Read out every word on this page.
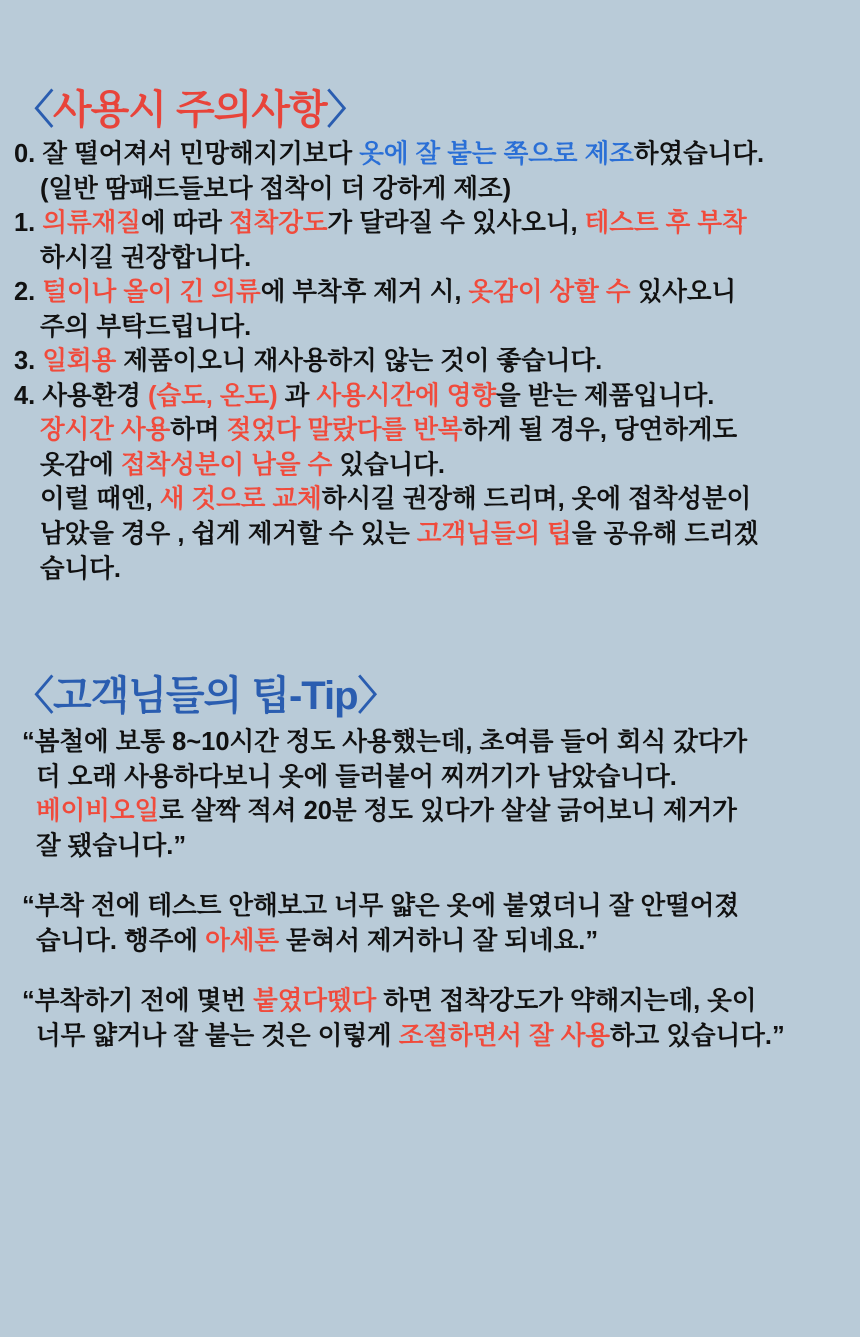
〈사용시 주의사항〉
0. 잘 떨어져서 민망해지기보다 옷에 잘 붙는 쪽으로 제조하였습니다.
(일반 땀패드들보다 접착이 더 강하게 제조)
1. 의류재질에 따라 접착강도가 달라질 수 있사오니, 테스트 후 부착
하시길 권장합니다.
2. 털이나 올이 긴 의류에 부착후 제거 시, 옷감이 상할 수 있사오니
주의 부탁드립니다.
3. 일회용 제품이오니 재사용하지 않는 것이 좋습니다.
4. 사용환경 (습도, 온도) 과 사용시간에 영향을 받는 제품입니다.
장시간 사용하며 젖었다 말랐다를 반복하게 될 경우, 당연하게도
옷감에 접착성분이 남을 수 있습니다.
이럴 때엔, 새 것으로 교체하시길 권장해 드리며, 옷에 접착성분이
남았을 경우 , 쉽게 제거할 수 있는 고객님들의 팁을 공유해 드리겠
습니다.
〈고객님들의 팁-Tip〉
“봄철에 보통 8~10시간 정도 사용했는데, 초여름 들어 회식 갔다가
더 오래 사용하다보니 옷에 들러붙어 찌꺼기가 남았습니다.
베이비오일로 살짝 적셔 20분 정도 있다가 살살 긁어보니 제거가
잘 됐습니다.”
“부착 전에 테스트 안해보고 너무 얇은 옷에 붙였더니 잘 안떨어졌
습니다. 행주에 아세톤 묻혀서 제거하니 잘 되네요.”
“부착하기 전에 몇번 붙였다뗐다 하면 접착강도가 약해지는데, 옷이
너무 얇거나 잘 붙는 것은 이렇게 조절하면서 잘 사용하고 있습니다.”
